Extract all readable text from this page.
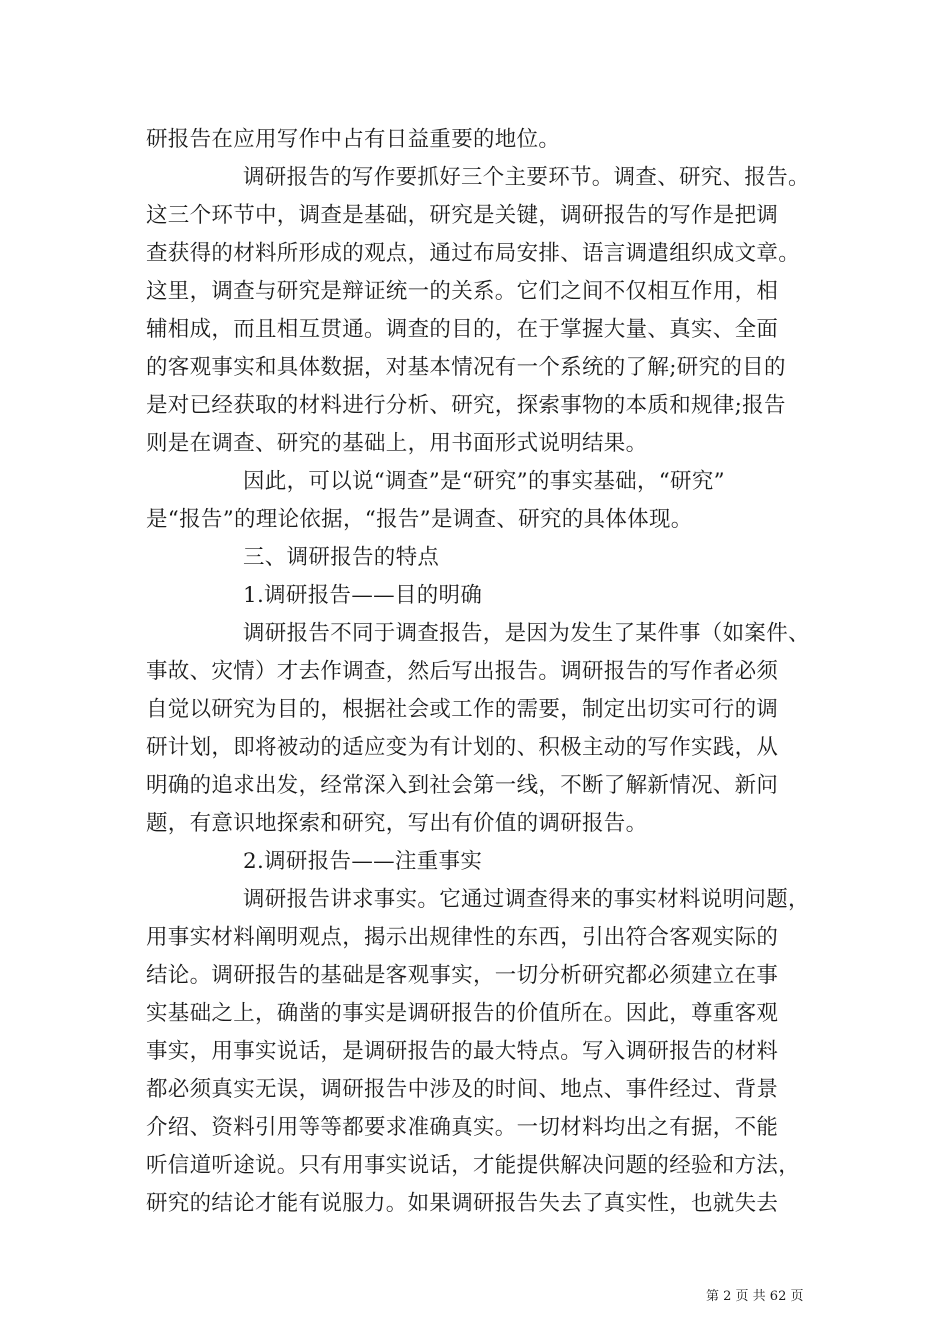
研报告在应用写作中占有日益重要的地位。
调研报告的写作要抓好三个主要环节。调查、研究、报告。
这三个环节中，调查是基础，研究是关键，调研报告的写作是把调
查获得的材料所形成的观点，通过布局安排、语言调遣组织成文章。
这里，调查与研究是辩证统一的关系。它们之间不仅相互作用，相
辅相成，而且相互贯通。调查的目的，在于掌握大量、真实、全面
的客观事实和具体数据，对基本情况有一个系统的了解;研究的目的
是对已经获取的材料进行分析、研究，探索事物的本质和规律;报告
则是在调查、研究的基础上，用书面形式说明结果。
因此，可以说“调查”是“研究”的事实基础，“研究”
是“报告”的理论依据，“报告”是调查、研究的具体体现。
三、调研报告的特点
1.调研报告——目的明确
调研报告不同于调查报告，是因为发生了某件事（如案件、
事故、灾情）才去作调查，然后写出报告。调研报告的写作者必须
自觉以研究为目的，根据社会或工作的需要，制定出切实可行的调
研计划，即将被动的适应变为有计划的、积极主动的写作实践，从
明确的追求出发，经常深入到社会第一线，不断了解新情况、新问
题，有意识地探索和研究，写出有价值的调研报告。
2.调研报告——注重事实
调研报告讲求事实。它通过调查得来的事实材料说明问题，
用事实材料阐明观点，揭示出规律性的东西，引出符合客观实际的
结论。调研报告的基础是客观事实，一切分析研究都必须建立在事
实基础之上，确凿的事实是调研报告的价值所在。因此，尊重客观
事实，用事实说话，是调研报告的最大特点。写入调研报告的材料
都必须真实无误，调研报告中涉及的时间、地点、事件经过、背景
介绍、资料引用等等都要求准确真实。一切材料均出之有据，不能
听信道听途说。只有用事实说话，才能提供解决问题的经验和方法，
研究的结论才能有说服力。如果调研报告失去了真实性，也就失去
第 2 页 共 62 页
